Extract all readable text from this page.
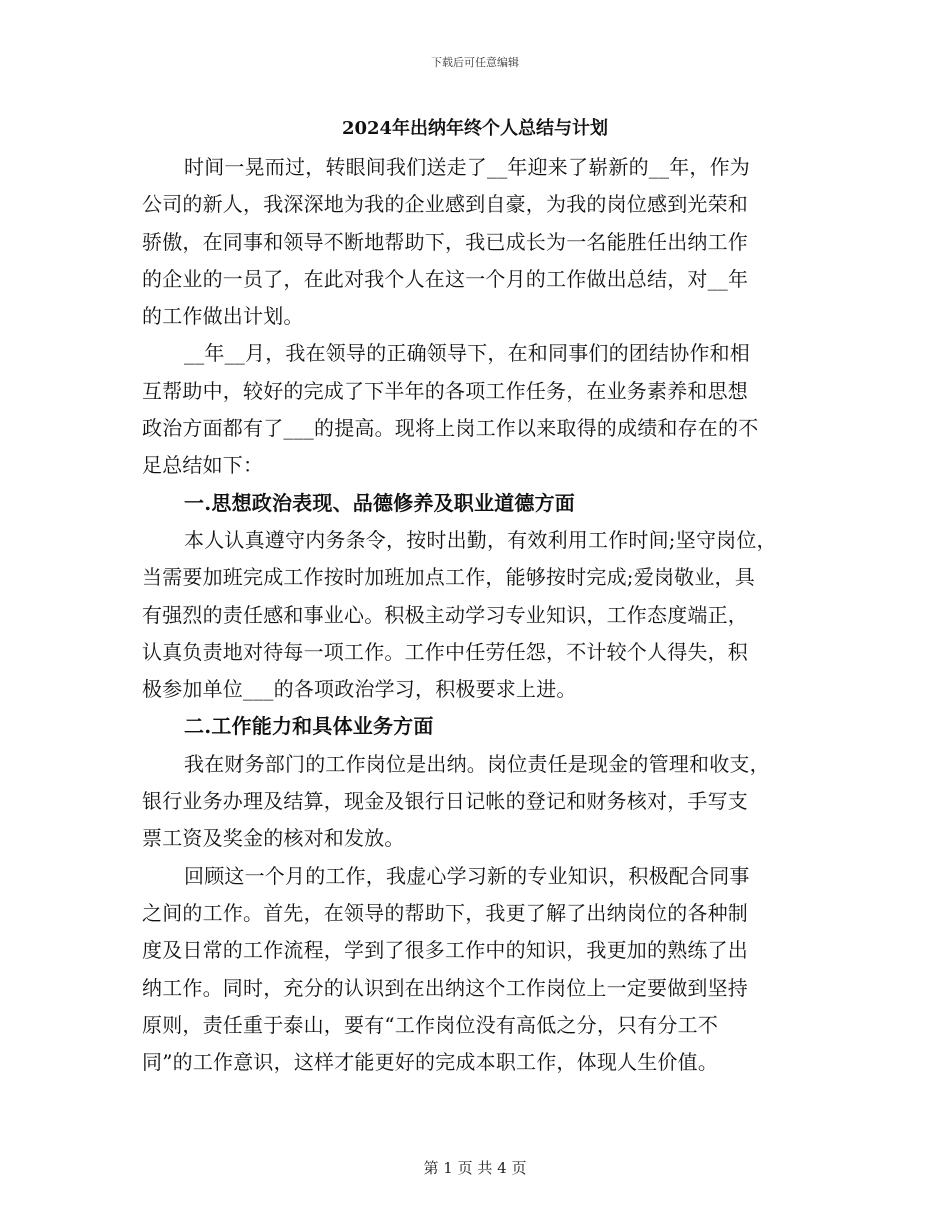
下载后可任意编辑
2024年出纳年终个人总结与计划
时间一晃而过，转眼间我们送走了__年迎来了崭新的__年，作为
公司的新人，我深深地为我的企业感到自豪，为我的岗位感到光荣和
骄傲，在同事和领导不断地帮助下，我已成长为一名能胜任出纳工作
的企业的一员了，在此对我个人在这一个月的工作做出总结，对__年
的工作做出计划。
__年__月，我在领导的正确领导下，在和同事们的团结协作和相
互帮助中，较好的完成了下半年的各项工作任务，在业务素养和思想
政治方面都有了___的提高。现将上岗工作以来取得的成绩和存在的不
足总结如下：
一.思想政治表现、品德修养及职业道德方面
本人认真遵守内务条令，按时出勤，有效利用工作时间;坚守岗位，
当需要加班完成工作按时加班加点工作，能够按时完成;爱岗敬业，具
有强烈的责任感和事业心。积极主动学习专业知识，工作态度端正，
认真负责地对待每一项工作。工作中任劳任怨，不计较个人得失，积
极参加单位___的各项政治学习，积极要求上进。
二.工作能力和具体业务方面
我在财务部门的工作岗位是出纳。岗位责任是现金的管理和收支，
银行业务办理及结算，现金及银行日记帐的登记和财务核对，手写支
票工资及奖金的核对和发放。
回顾这一个月的工作，我虚心学习新的专业知识，积极配合同事
之间的工作。首先，在领导的帮助下，我更了解了出纳岗位的各种制
度及日常的工作流程，学到了很多工作中的知识，我更加的熟练了出
纳工作。同时，充分的认识到在出纳这个工作岗位上一定要做到坚持
原则，责任重于泰山，要有“工作岗位没有高低之分，只有分工不
同”的工作意识，这样才能更好的完成本职工作，体现人生价值。
第 1 页 共 4 页
